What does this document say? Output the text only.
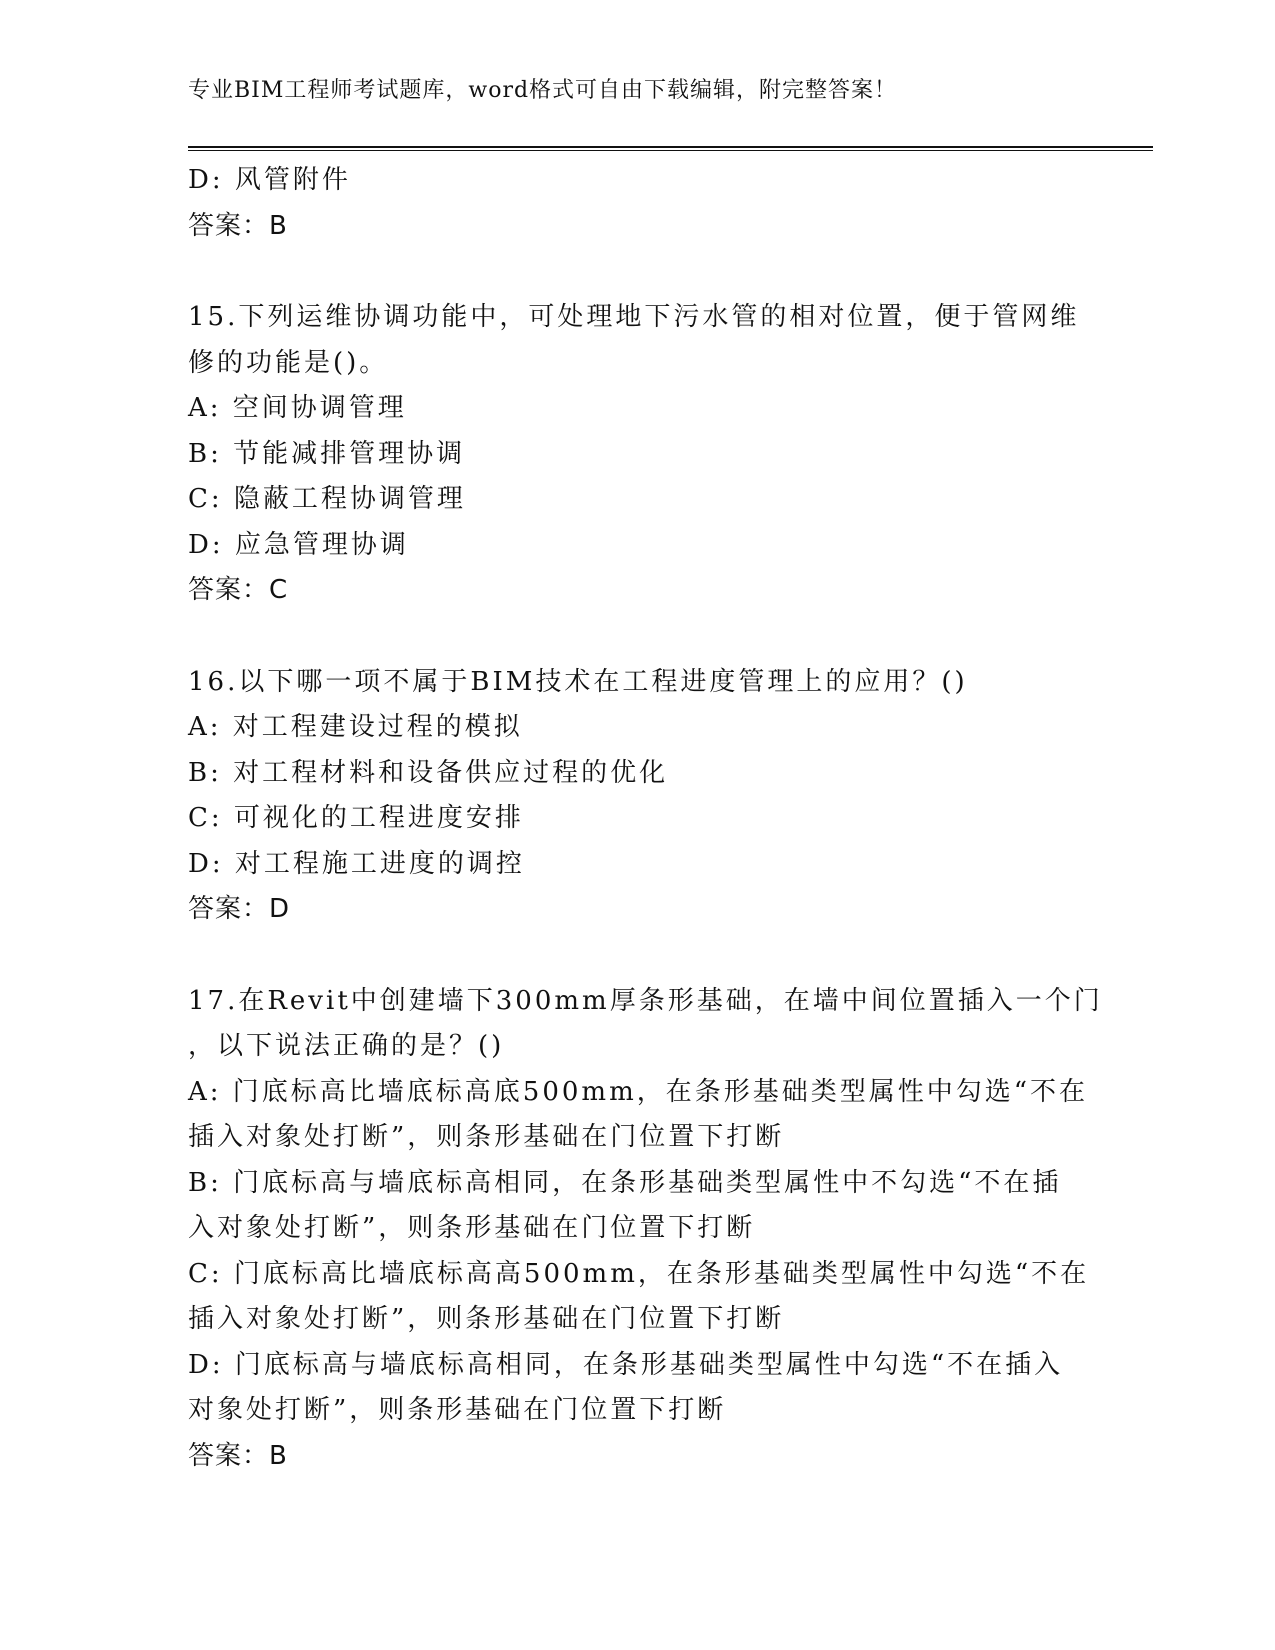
专业BIM工程师考试题库，word格式可自由下载编辑，附完整答案！
D: 风管附件
答案：B
15.下列运维协调功能中，可处理地下污水管的相对位置，便于管网维
修的功能是()。
A: 空间协调管理
B: 节能减排管理协调
C: 隐蔽工程协调管理
D: 应急管理协调
答案：C
16.以下哪一项不属于BIM技术在工程进度管理上的应用？()
A: 对工程建设过程的模拟
B: 对工程材料和设备供应过程的优化
C: 可视化的工程进度安排
D: 对工程施工进度的调控
答案：D
17.在Revit中创建墙下300mm厚条形基础，在墙中间位置插入一个门
，以下说法正确的是？()
A: 门底标高比墙底标高底500mm，在条形基础类型属性中勾选“不在
插入对象处打断”，则条形基础在门位置下打断
B: 门底标高与墙底标高相同，在条形基础类型属性中不勾选“不在插
入对象处打断”，则条形基础在门位置下打断
C: 门底标高比墙底标高高500mm，在条形基础类型属性中勾选“不在
插入对象处打断”，则条形基础在门位置下打断
D: 门底标高与墙底标高相同，在条形基础类型属性中勾选“不在插入
对象处打断”，则条形基础在门位置下打断
答案：B
